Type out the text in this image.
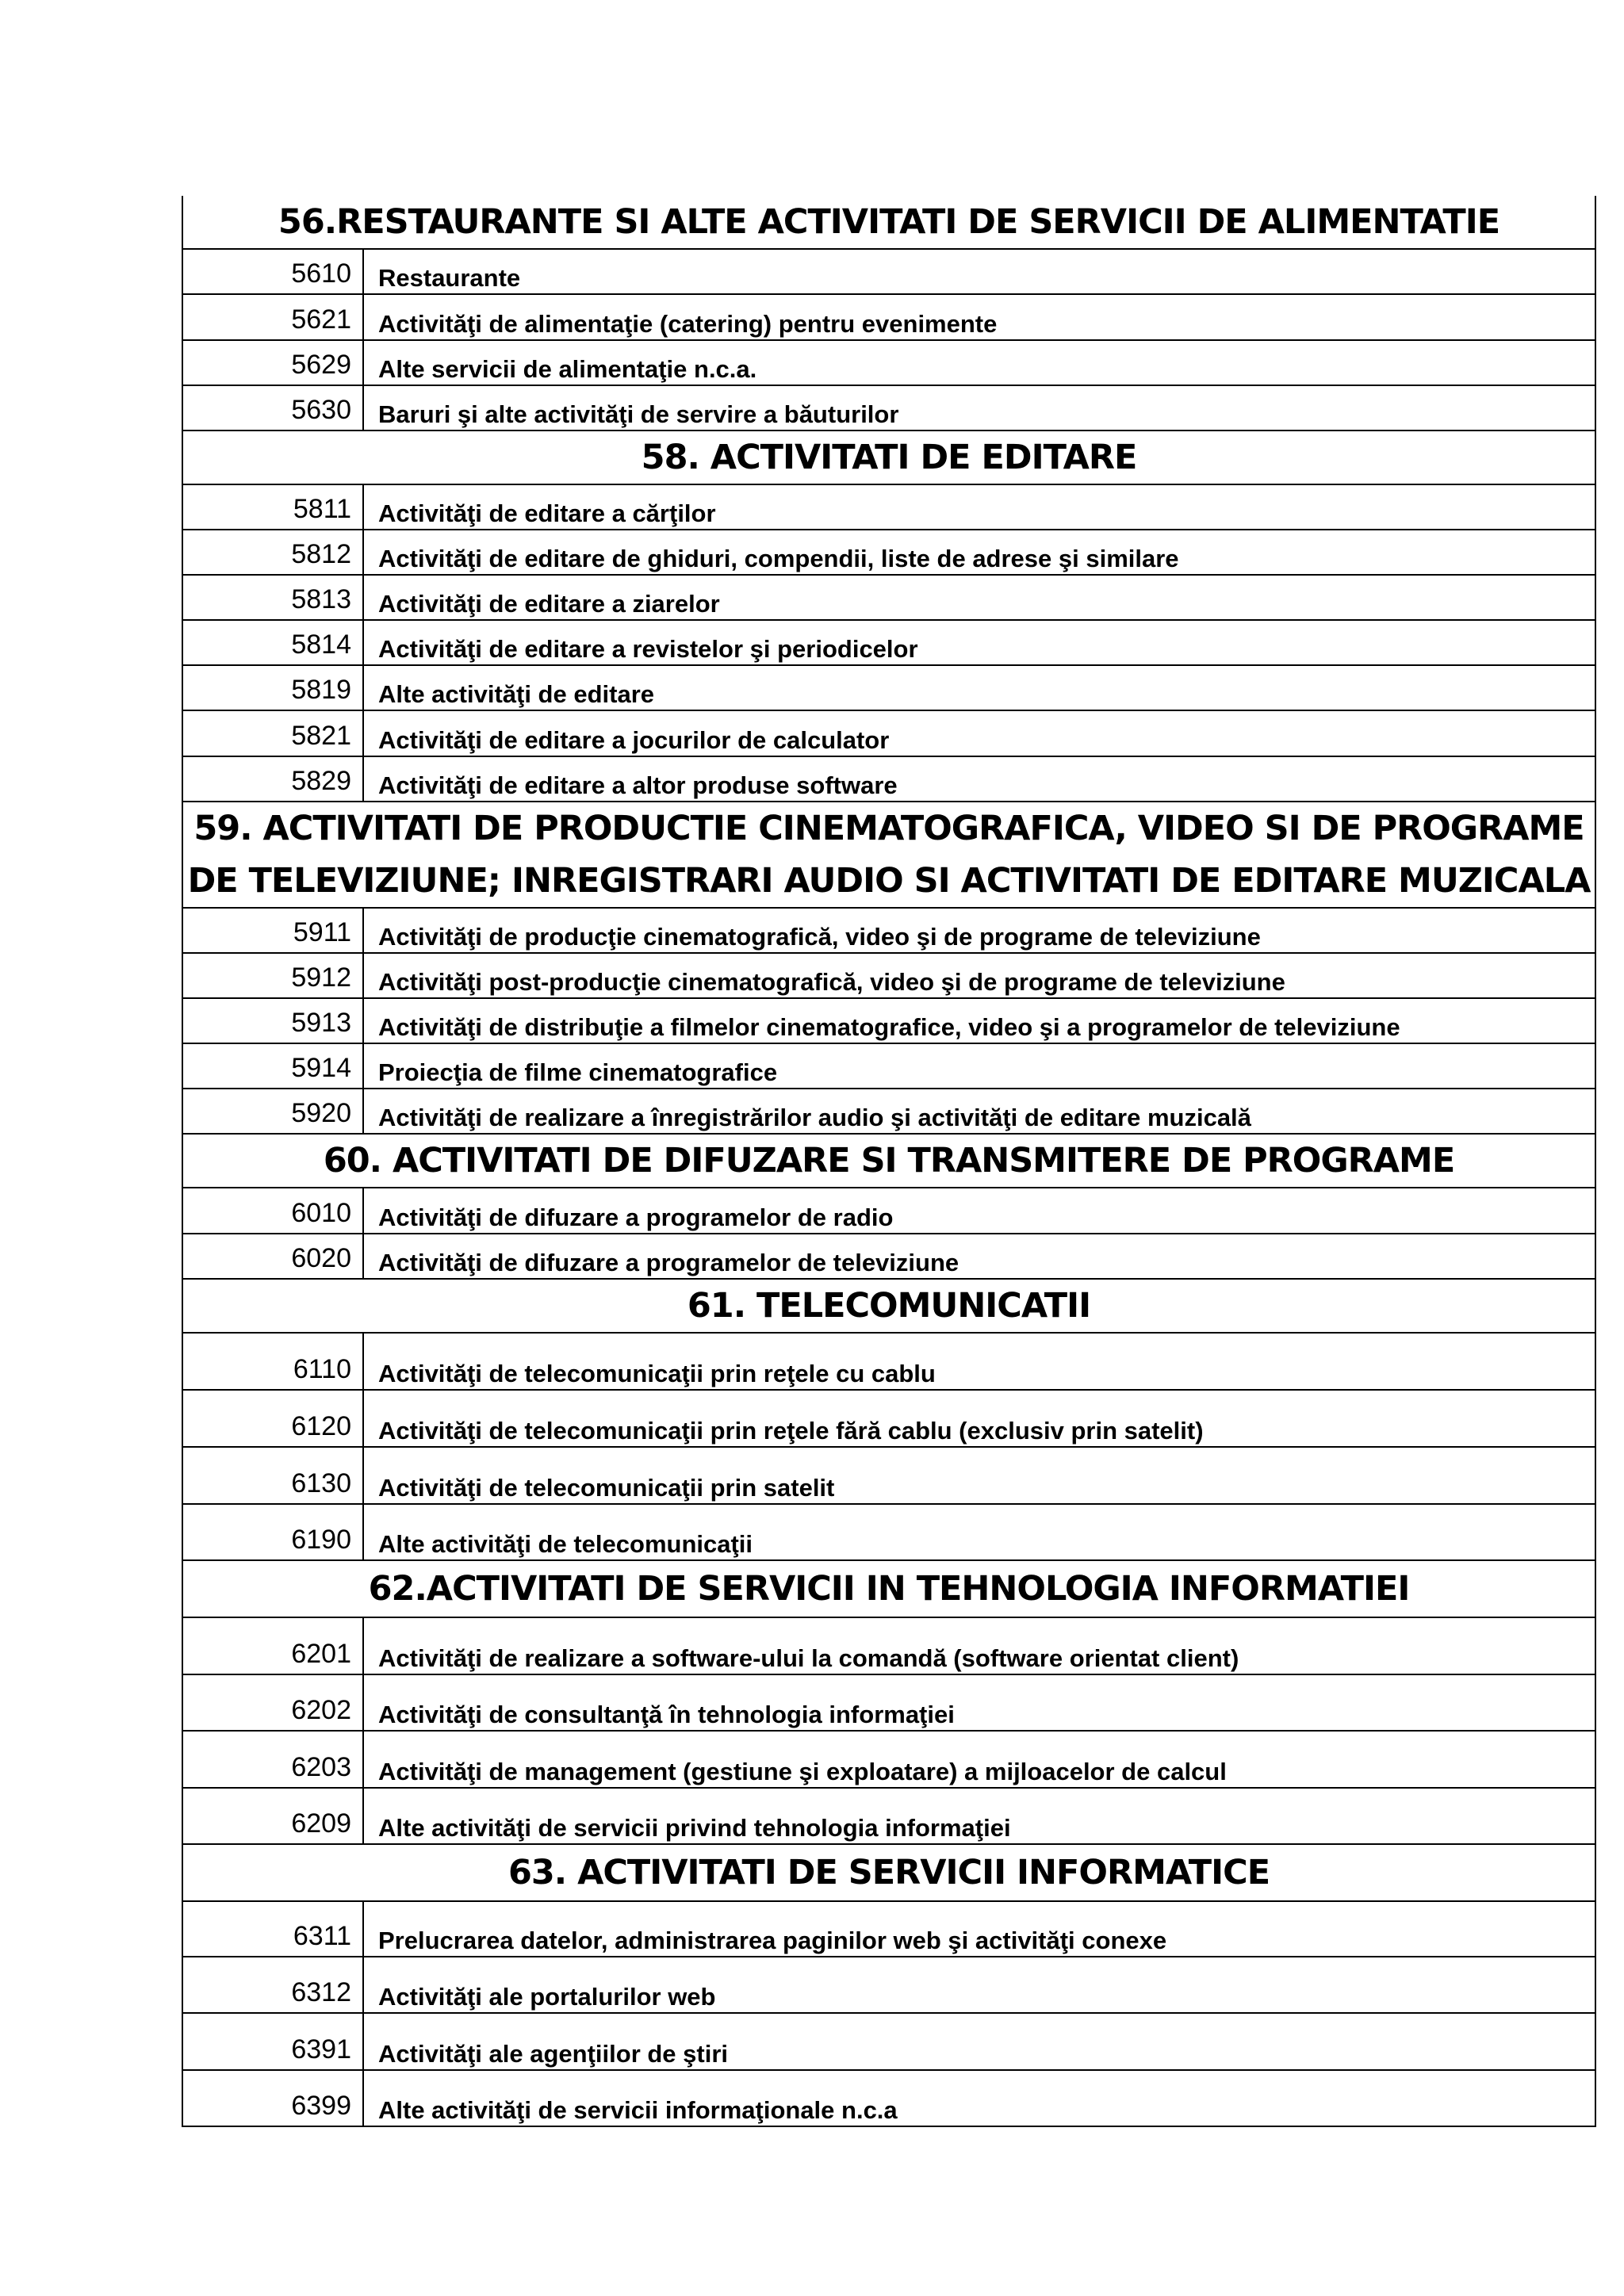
56.RESTAURANTE SI ALTE ACTIVITATI DE SERVICII DE ALIMENTATIE	
5610	Restaurante
5621	Activităţi de alimentaţie (catering) pentru evenimente
5629	Alte servicii de alimentaţie n.c.a.
5630	Baruri şi alte activităţi de servire a băuturilor
58. ACTIVITATI DE EDITARE	
5811	Activităţi de editare a cărţilor
5812	Activităţi de editare de ghiduri, compendii, liste de adrese şi similare
5813	Activităţi de editare a ziarelor
5814	Activităţi de editare a revistelor şi periodicelor
5819	Alte activităţi de editare
5821	Activităţi de editare a jocurilor de calculator
5829	Activităţi de editare a altor produse software
59. ACTIVITATI DE PRODUCTIE CINEMATOGRAFICA, VIDEO SI DE PROGRAME DE TELEVIZIUNE; INREGISTRARI AUDIO SI ACTIVITATI DE EDITARE MUZICALA	
5911	Activităţi de producţie cinematografică, video şi de programe de televiziune
5912	Activităţi post-producţie cinematografică, video şi de programe de televiziune
5913	Activităţi de distribuţie a filmelor cinematografice, video şi a programelor de televiziune
5914	Proiecţia de filme cinematografice
5920	Activităţi de realizare a înregistrărilor audio şi activităţi de editare muzicală
60. ACTIVITATI DE DIFUZARE SI TRANSMITERE DE PROGRAME	
6010	Activităţi de difuzare a programelor de radio
6020	Activităţi de difuzare a programelor de televiziune
61. TELECOMUNICATII	
6110	Activităţi de telecomunicaţii prin reţele cu cablu
6120	Activităţi de telecomunicaţii prin reţele fără cablu (exclusiv prin satelit)
6130	Activităţi de telecomunicaţii prin satelit
6190	Alte activităţi de telecomunicaţii
62.ACTIVITATI DE SERVICII IN TEHNOLOGIA INFORMATIEI	
6201	Activităţi de realizare a software-ului la comandă (software orientat client)
6202	Activităţi de consultanţă în tehnologia informaţiei
6203	Activităţi de management (gestiune şi exploatare) a mijloacelor de calcul
6209	Alte activităţi de servicii privind tehnologia informaţiei
63. ACTIVITATI DE SERVICII INFORMATICE	
6311	Prelucrarea datelor, administrarea paginilor web şi activităţi conexe
6312	Activităţi ale portalurilor web
6391	Activităţi ale agenţiilor de ştiri
6399	Alte activităţi de servicii informaţionale n.c.a
